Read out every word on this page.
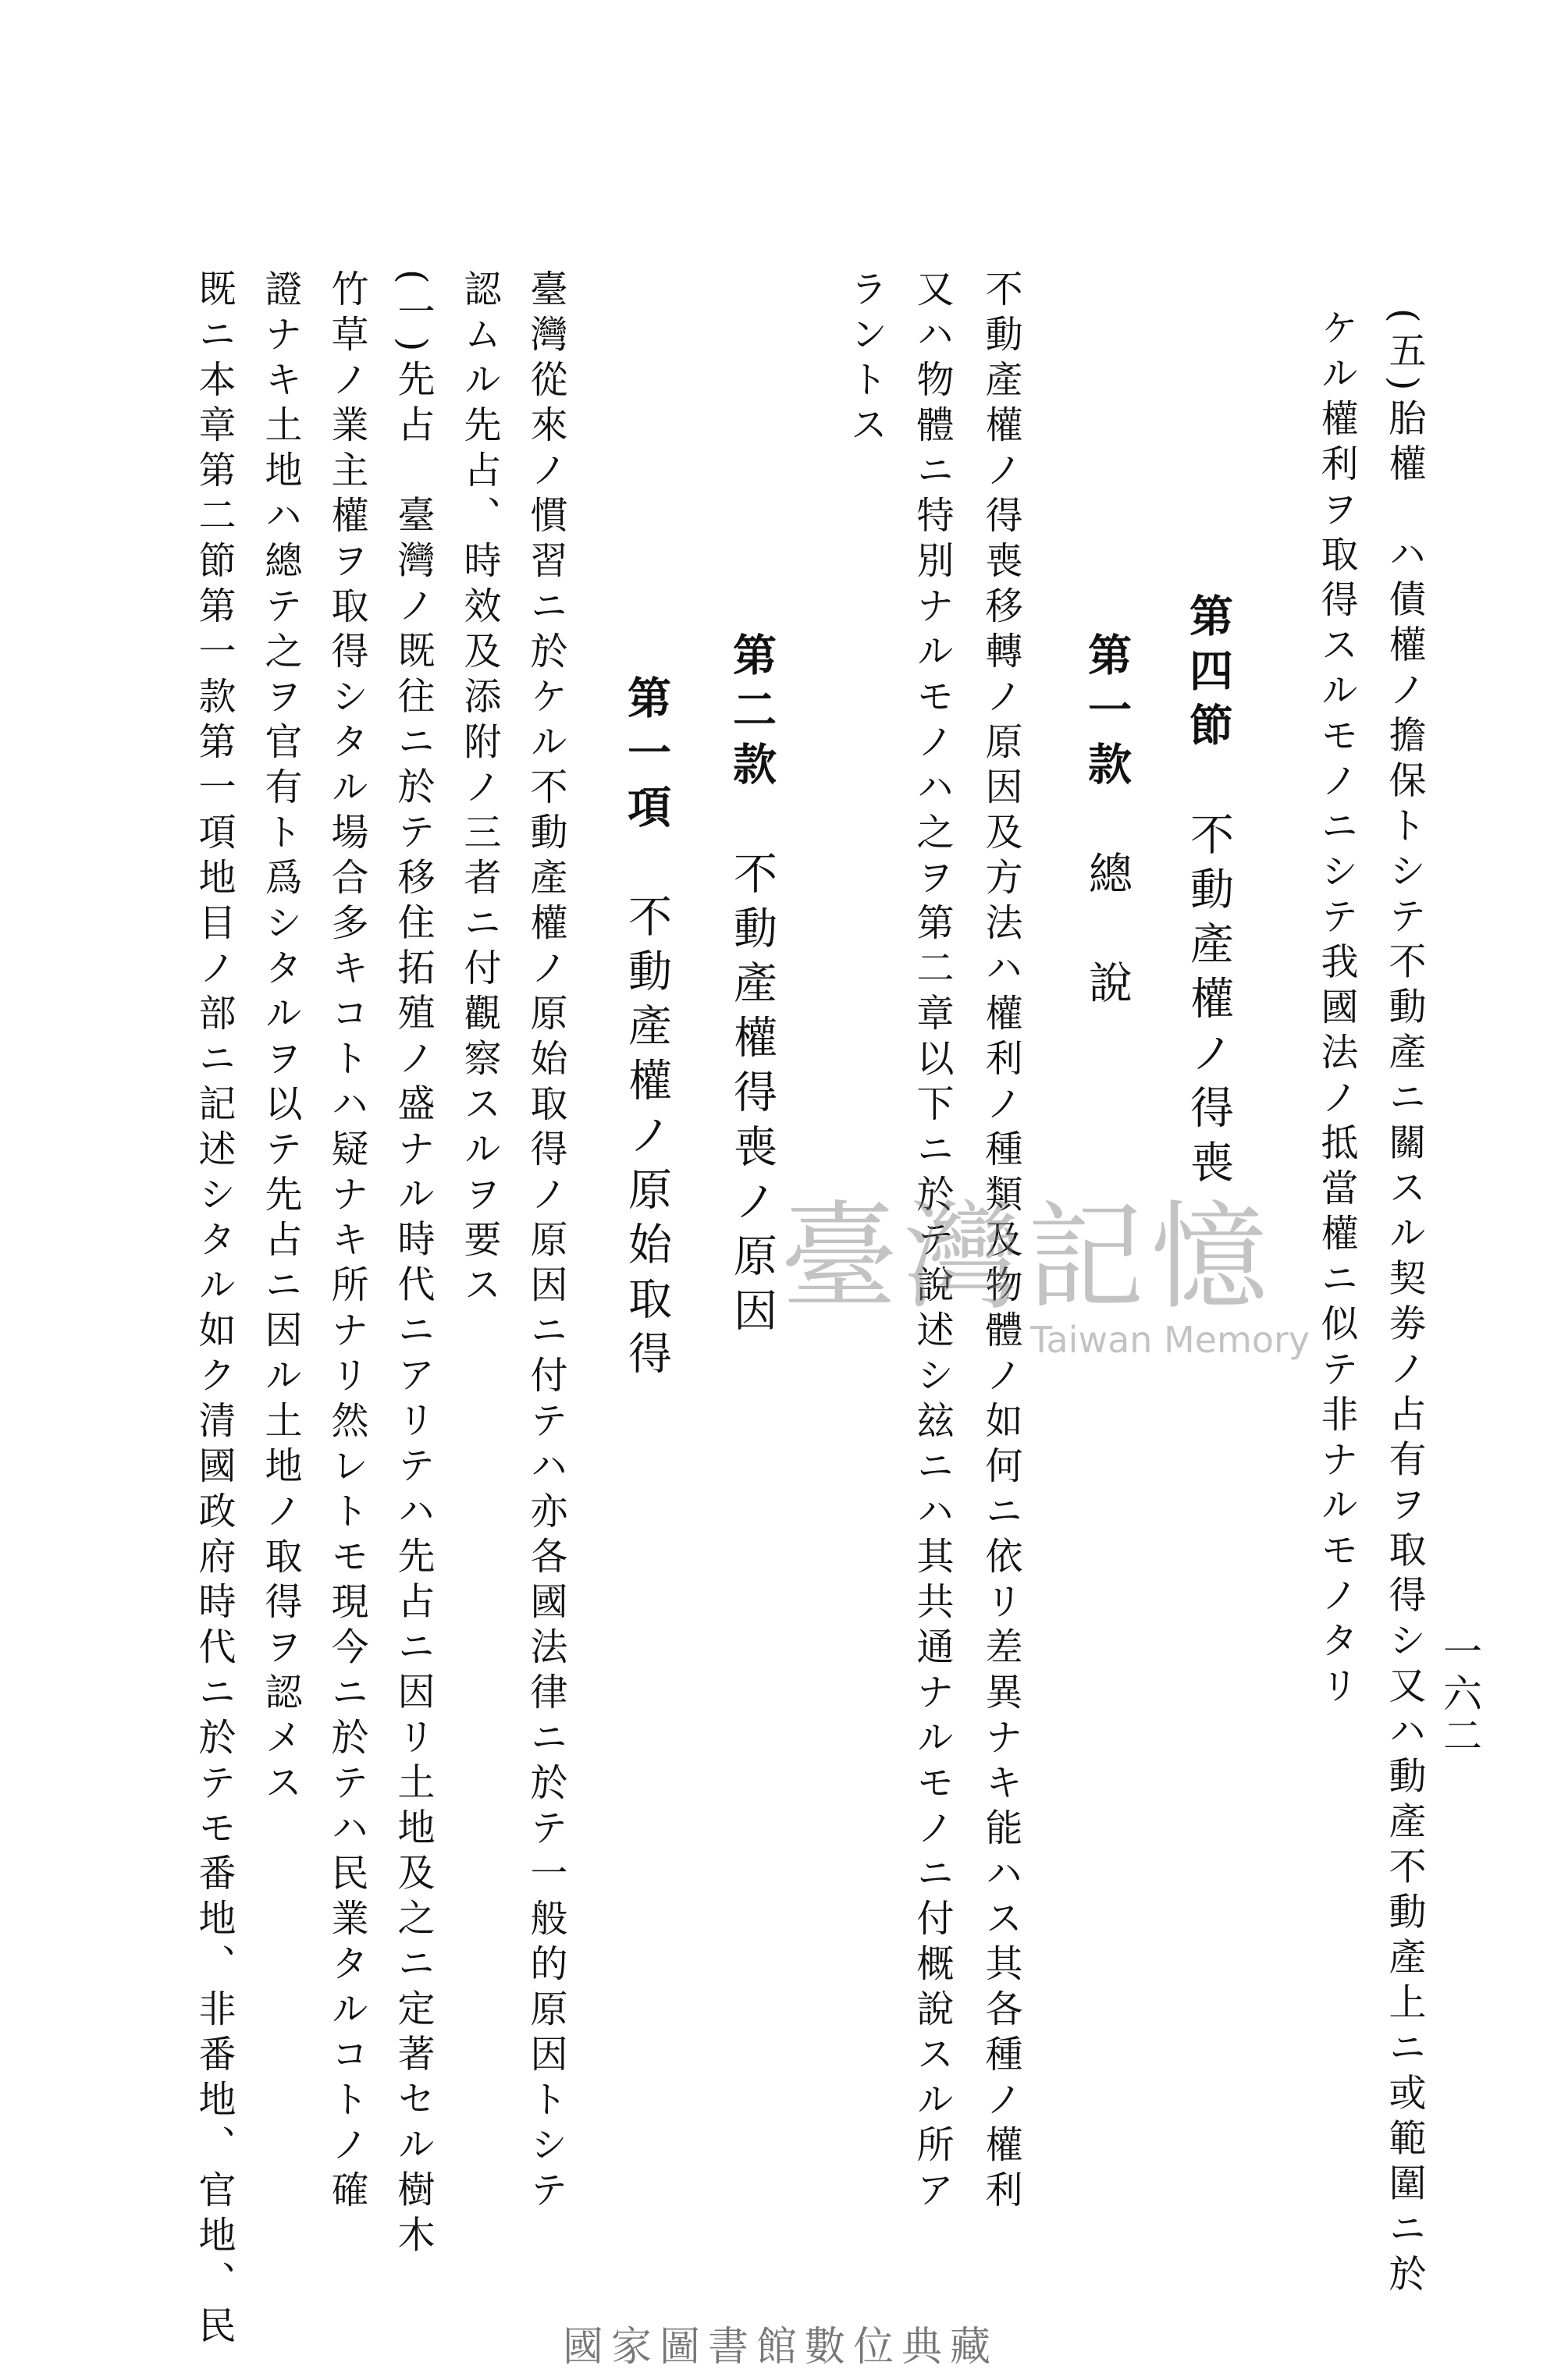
一六二
(五)胎權　ハ債權ノ擔保トシテ不動產ニ關スル契劵ノ占有ヲ取得シ又ハ動產不動產上ニ或範圍ニ於
ケル權利ヲ取得スルモノニシテ我國法ノ抵當權ニ似テ非ナルモノタリ
第四節　不動產權ノ得喪
第一款　總　說
不動產權ノ得喪移轉ノ原因及方法ハ權利ノ種類及物體ノ如何ニ依リ差異ナキ能ハス其各種ノ權利
又ハ物體ニ特別ナルモノハ之ヲ第二章以下ニ於テ說述シ玆ニハ其共通ナルモノニ付概說スル所ア
ラントス
第二款　不動產權得喪ノ原因
第一項　不動產權ノ原始取得
臺灣從來ノ慣習ニ於ケル不動產權ノ原始取得ノ原因ニ付テハ亦各國法律ニ於テ一般的原因トシテ
認ムル先占、時效及添附ノ三者ニ付觀察スルヲ要ス
(一)先占　臺灣ノ既往ニ於テ移住拓殖ノ盛ナル時代ニアリテハ先占ニ因リ土地及之ニ定著セル樹木
竹草ノ業主權ヲ取得シタル場合多キコトハ疑ナキ所ナリ然レトモ現今ニ於テハ民業タルコトノ確
證ナキ土地ハ總テ之ヲ官有ト爲シタルヲ以テ先占ニ因ル土地ノ取得ヲ認メス
既ニ本章第二節第一款第一項地目ノ部ニ記述シタル如ク清國政府時代ニ於テモ番地、非番地、官地、民	臺灣記憶
Taiwan Memory
國家圖書館數位典藏
